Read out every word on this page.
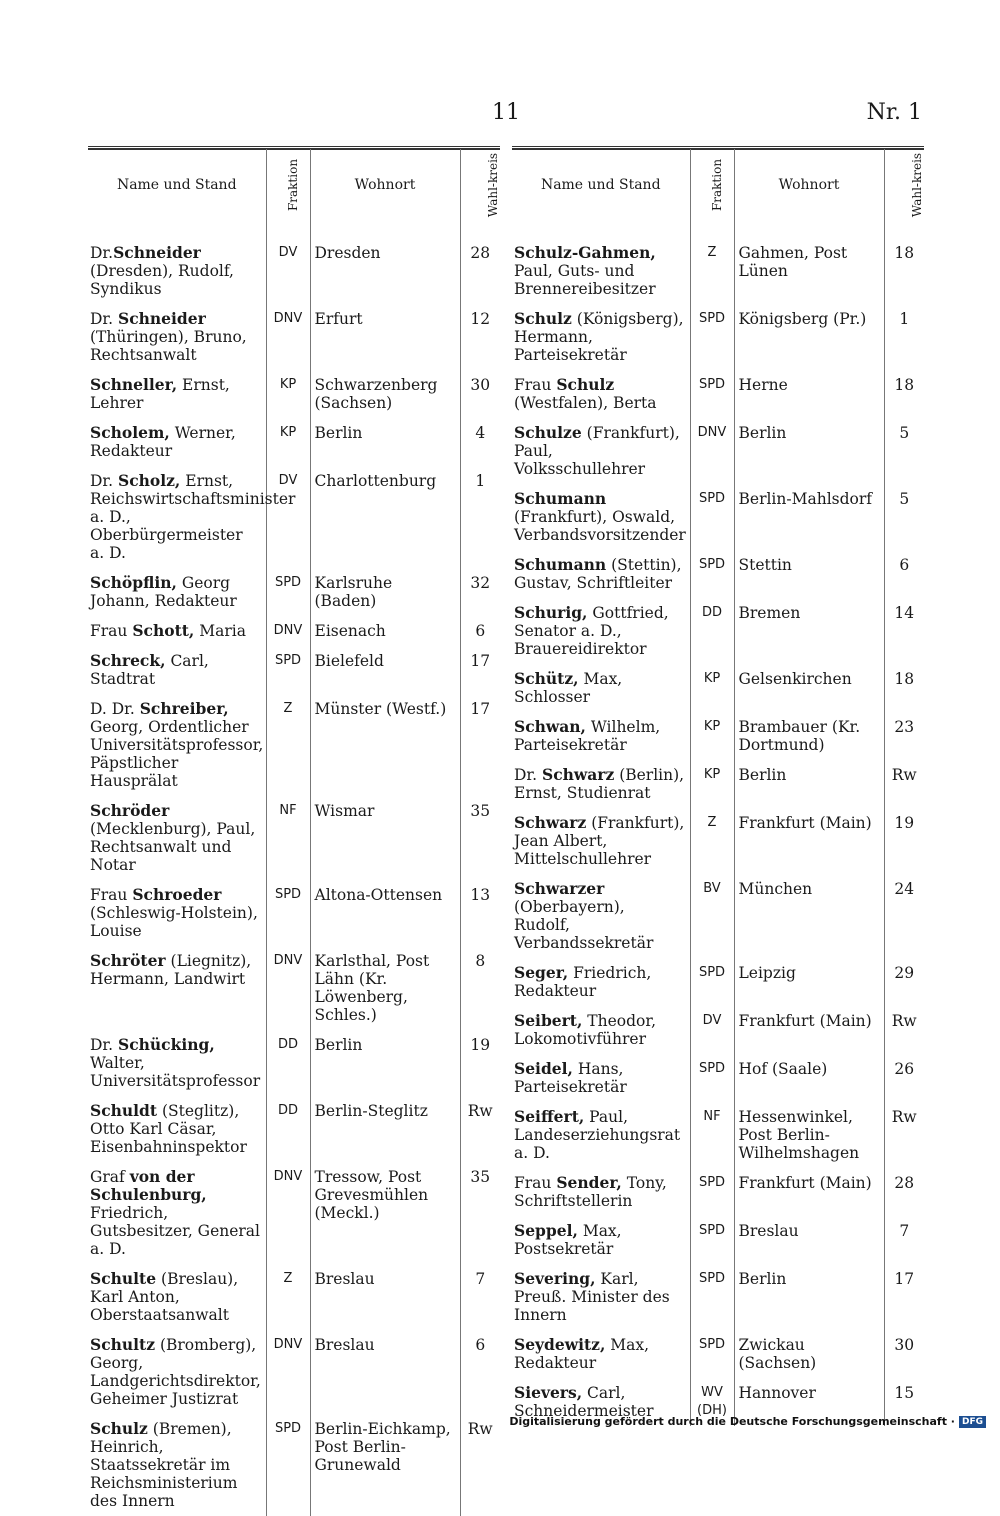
11	Nr. 1
Name und Stand	Fraktion	Wohnort	Wahl-kreis

Dr.Schneider (Dresden), Rudolf, Syndikus	DV	Dresden	28
Dr. Schneider (Thüringen), Bruno, Rechtsanwalt	DNV	Erfurt	12
Schneller, Ernst, Lehrer	KP	Schwarzenberg (Sachsen)	30
Scholem, Werner, Redakteur	KP	Berlin	4
Dr. Scholz, Ernst, Reichswirtschaftsminister a. D., Oberbürgermeister a. D.	DV	Charlottenburg	1
Schöpflin, Georg Johann, Redakteur	SPD	Karlsruhe (Baden)	32
Frau Schott, Maria	DNV	Eisenach	6
Schreck, Carl, Stadtrat	SPD	Bielefeld	17
D. Dr. Schreiber, Georg, Ordentlicher Universitätsprofessor, Päpstlicher Hausprälat	Z	Münster (Westf.)	17
Schröder (Mecklenburg), Paul, Rechtsanwalt und Notar	NF	Wismar	35
Frau Schroeder (Schleswig-Holstein), Louise	SPD	Altona-Ottensen	13
Schröter (Liegnitz), Hermann, Landwirt	DNV	Karlsthal, Post Lähn (Kr. Löwenberg, Schles.)	8
Dr. Schücking, Walter, Universitätsprofessor	DD	Berlin	19
Schuldt (Steglitz), Otto Karl Cäsar, Eisenbahninspektor	DD	Berlin-Steglitz	Rw
Graf von der Schulenburg, Friedrich, Gutsbesitzer, General a. D.	DNV	Tressow, Post Grevesmühlen (Meckl.)	35
Schulte (Breslau), Karl Anton, Oberstaatsanwalt	Z	Breslau	7
Schultz (Bromberg), Georg, Landgerichtsdirektor, Geheimer Justizrat	DNV	Breslau	6
Schulz (Bremen), Heinrich, Staatssekretär im Reichsministerium des Innern	SPD	Berlin-Eichkamp, Post Berlin-Grunewald	Rw
Name und Stand	Fraktion	Wohnort	Wahl-kreis

Schulz-Gahmen, Paul, Guts- und Brennereibesitzer	Z	Gahmen, Post Lünen	18
Schulz (Königsberg), Hermann, Parteisekretär	SPD	Königsberg (Pr.)	1
Frau Schulz (Westfalen), Berta	SPD	Herne	18
Schulze (Frankfurt), Paul, Volksschullehrer	DNV	Berlin	5
Schumann (Frankfurt), Oswald, Verbandsvorsitzender	SPD	Berlin-Mahlsdorf	5
Schumann (Stettin), Gustav, Schriftleiter	SPD	Stettin	6
Schurig, Gottfried, Senator a. D., Brauereidirektor	DD	Bremen	14
Schütz, Max, Schlosser	KP	Gelsenkirchen	18
Schwan, Wilhelm, Parteisekretär	KP	Brambauer (Kr. Dortmund)	23
Dr. Schwarz (Berlin), Ernst, Studienrat	KP	Berlin	Rw
Schwarz (Frankfurt), Jean Albert, Mittelschullehrer	Z	Frankfurt (Main)	19
Schwarzer (Oberbayern), Rudolf, Verbandssekretär	BV	München	24
Seger, Friedrich, Redakteur	SPD	Leipzig	29
Seibert, Theodor, Lokomotivführer	DV	Frankfurt (Main)	Rw
Seidel, Hans, Parteisekretär	SPD	Hof (Saale)	26
Seiffert, Paul, Landeserziehungsrat a. D.	NF	Hessenwinkel, Post Berlin-Wilhelmshagen	Rw
Frau Sender, Tony, Schriftstellerin	SPD	Frankfurt (Main)	28
Seppel, Max, Postsekretär	SPD	Breslau	7
Severing, Karl, Preuß. Minister des Innern	SPD	Berlin	17
Seydewitz, Max, Redakteur	SPD	Zwickau (Sachsen)	30
Sievers, Carl, Schneidermeister	WV (DH)	Hannover	15
Digitalisierung gefördert durch die Deutsche Forschungsgemeinschaft · DFG
